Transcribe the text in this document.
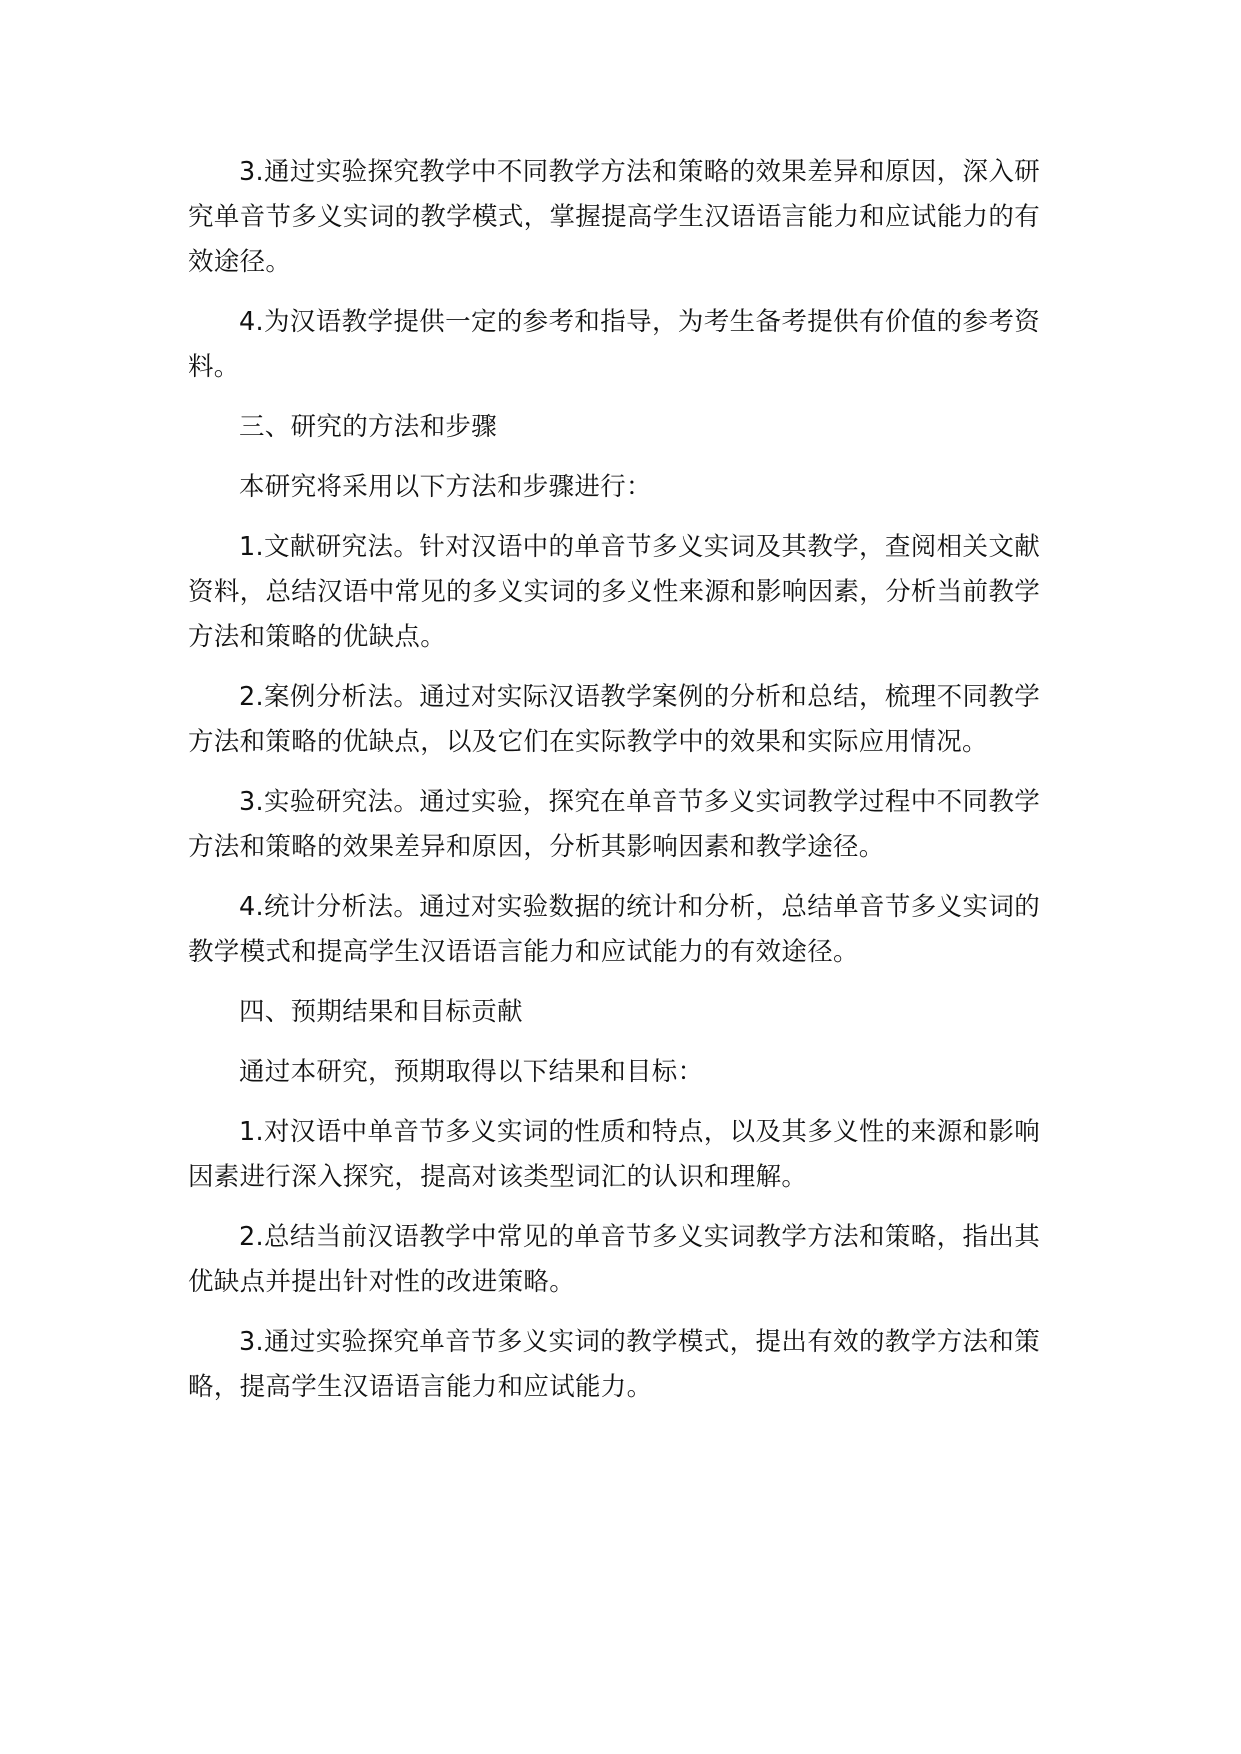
3.通过实验探究教学中不同教学方法和策略的效果差异和原因，深入研究单音节多义实词的教学模式，掌握提高学生汉语语言能力和应试能力的有效途径。

4.为汉语教学提供一定的参考和指导，为考生备考提供有价值的参考资料。

三、研究的方法和步骤

本研究将采用以下方法和步骤进行：

1.文献研究法。针对汉语中的单音节多义实词及其教学，查阅相关文献资料，总结汉语中常见的多义实词的多义性来源和影响因素，分析当前教学方法和策略的优缺点。

2.案例分析法。通过对实际汉语教学案例的分析和总结，梳理不同教学方法和策略的优缺点，以及它们在实际教学中的效果和实际应用情况。

3.实验研究法。通过实验，探究在单音节多义实词教学过程中不同教学方法和策略的效果差异和原因，分析其影响因素和教学途径。

4.统计分析法。通过对实验数据的统计和分析，总结单音节多义实词的教学模式和提高学生汉语语言能力和应试能力的有效途径。

四、预期结果和目标贡献

通过本研究，预期取得以下结果和目标：

1.对汉语中单音节多义实词的性质和特点，以及其多义性的来源和影响因素进行深入探究，提高对该类型词汇的认识和理解。

2.总结当前汉语教学中常见的单音节多义实词教学方法和策略，指出其优缺点并提出针对性的改进策略。

3.通过实验探究单音节多义实词的教学模式，提出有效的教学方法和策略，提高学生汉语语言能力和应试能力。
